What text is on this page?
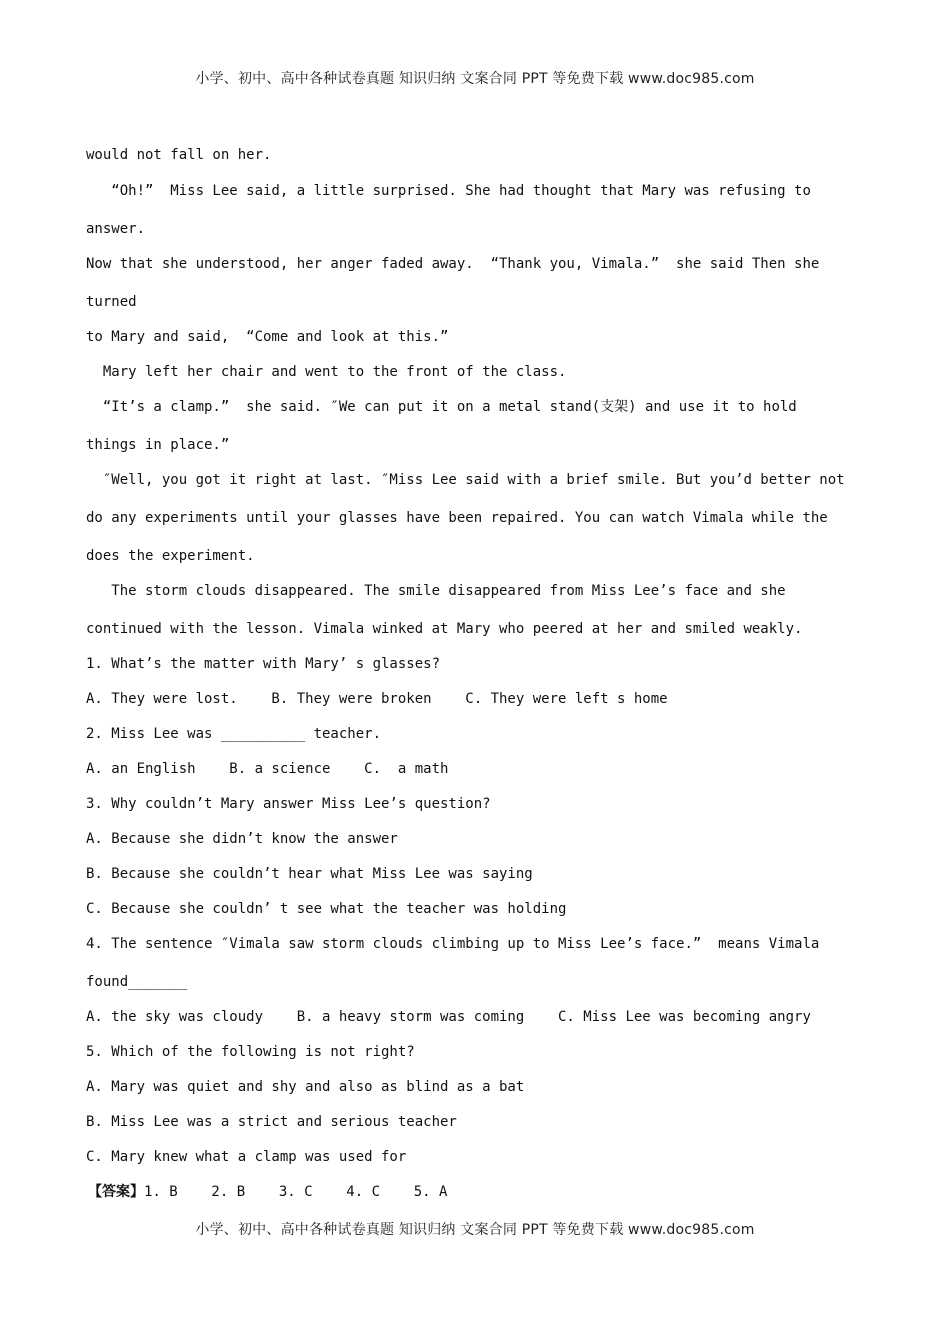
小学、初中、高中各种试卷真题 知识归纳 文案合同 PPT 等免费下载 www.doc985.com

would not fall on her.

“Oh!”  Miss Lee said, a little surprised. She had thought that Mary was refusing to

answer.

Now that she understood, her anger faded away.  “Thank you, Vimala.”  she said Then she

turned

to Mary and said,  “Come and look at this.”

Mary left her chair and went to the front of the class.

“It’s a clamp.”  she said. ″We can put it on a metal stand(支架) and use it to hold

things in place.”

″Well, you got it right at last. ″Miss Lee said with a brief smile. But you’d better not

do any experiments until your glasses have been repaired. You can watch Vimala while the

does the experiment.

The storm clouds disappeared. The smile disappeared from Miss Lee’s face and she

continued with the lesson. Vimala winked at Mary who peered at her and smiled weakly.

1. What’s the matter with Mary’ s glasses?

A. They were lost.    B. They were broken    C. They were left s home

2. Miss Lee was __________ teacher.

A. an English    B. a science    C.  a math

3. Why couldn’t Mary answer Miss Lee’s question?

A. Because she didn’t know the answer

B. Because she couldn’t hear what Miss Lee was saying

C. Because she couldn’ t see what the teacher was holding

4. The sentence ″Vimala saw storm clouds climbing up to Miss Lee’s face.”  means Vimala

found_______

A. the sky was cloudy    B. a heavy storm was coming    C. Miss Lee was becoming angry

5. Which of the following is not right?

A. Mary was quiet and shy and also as blind as a bat

B. Miss Lee was a strict and serious teacher

C. Mary knew what a clamp was used for

【答案】1. B    2. B    3. C    4. C    5. A

小学、初中、高中各种试卷真题 知识归纳 文案合同 PPT 等免费下载 www.doc985.com
